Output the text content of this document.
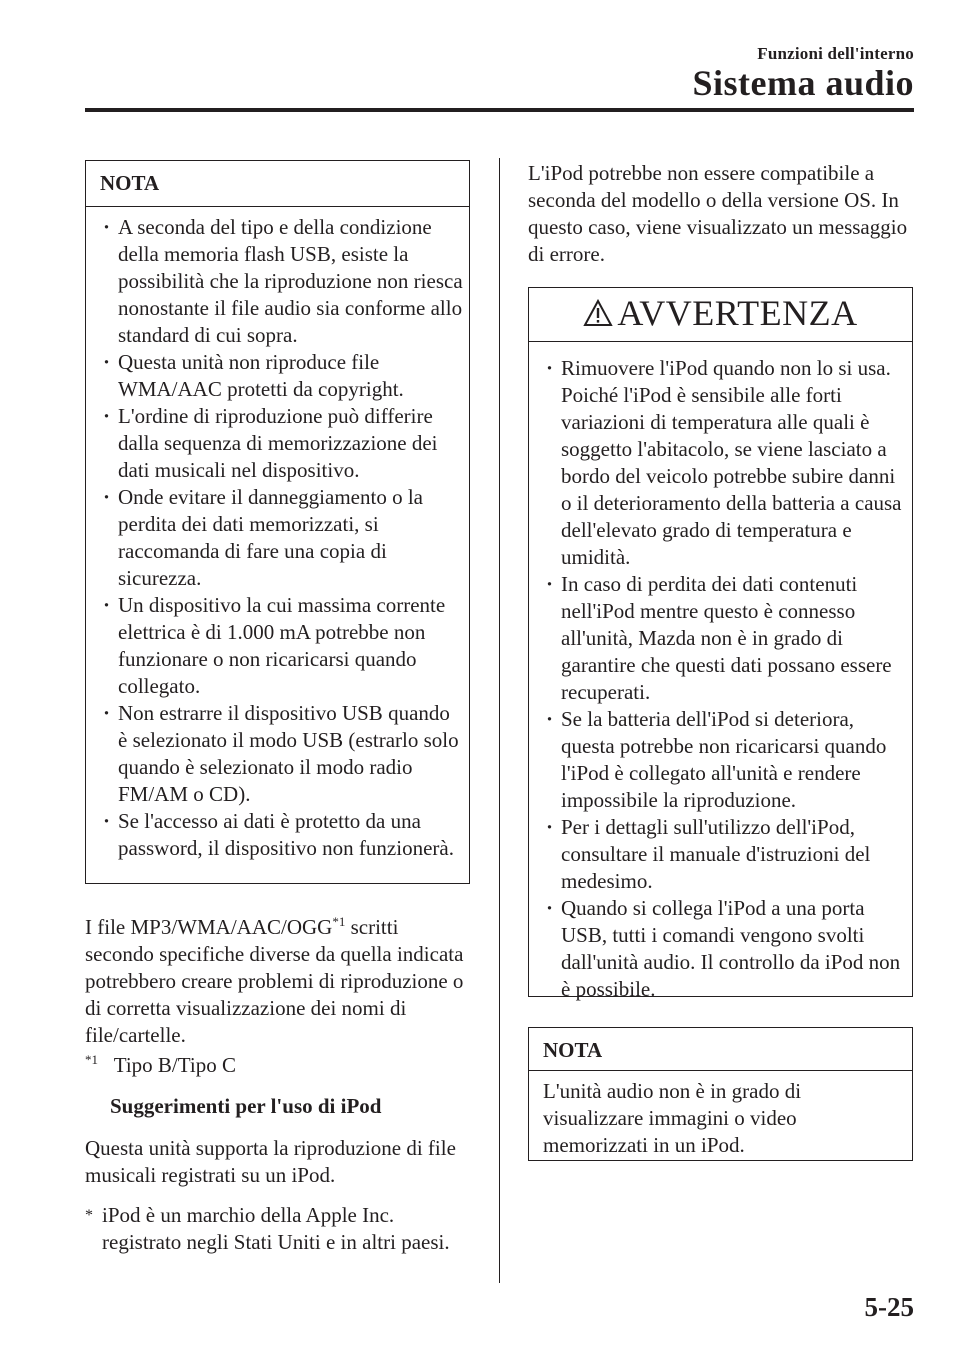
Funzioni dell'interno
Sistema audio
NOTA
· A seconda del tipo e della condizione della memoria flash USB, esiste la possibilità che la riproduzione non riesca nonostante il file audio sia conforme allo standard di cui sopra.
· Questa unità non riproduce file WMA/AAC protetti da copyright.
· L'ordine di riproduzione può differire dalla sequenza di memorizzazione dei dati musicali nel dispositivo.
· Onde evitare il danneggiamento o la perdita dei dati memorizzati, si raccomanda di fare una copia di sicurezza.
· Un dispositivo la cui massima corrente elettrica è di 1.000 mA potrebbe non funzionare o non ricaricarsi quando collegato.
· Non estrarre il dispositivo USB quando è selezionato il modo USB (estrarlo solo quando è selezionato il modo radio FM/AM o CD).
· Se l'accesso ai dati è protetto da una password, il dispositivo non funzionerà.

I file MP3/WMA/AAC/OGG$^{*1}$ scritti secondo specifiche diverse da quella indicata potrebbero creare problemi di riproduzione o di corretta visualizzazione dei nomi di file/cartelle.

$^{*1}$ Tipo B/Tipo C
Suggerimenti per l'uso di iPod

Questa unità supporta la riproduzione di file musicali registrati su un iPod.

* iPod è un marchio della Apple Inc. registrato negli Stati Uniti e in altri paesi.

L'iPod potrebbe non essere compatibile a seconda del modello o della versione OS. In questo caso, viene visualizzato un messaggio di errore.

AVVERTENZA
· Rimuovere l'iPod quando non lo si usa. Poiché l'iPod è sensibile alle forti variazioni di temperatura alle quali è soggetto l'abitacolo, se viene lasciato a bordo del veicolo potrebbe subire danni o il deterioramento della batteria a causa dell'elevato grado di temperatura e umidità.
· In caso di perdita dei dati contenuti nell'iPod mentre questo è connesso all'unità, Mazda non è in grado di garantire che questi dati possano essere recuperati.
· Se la batteria dell'iPod si deteriora, questa potrebbe non ricaricarsi quando l'iPod è collegato all'unità e rendere impossibile la riproduzione.
· Per i dettagli sull'utilizzo dell'iPod, consultare il manuale d'istruzioni del medesimo.
· Quando si collega l'iPod a una porta USB, tutti i comandi vengono svolti dall'unità audio. Il controllo da iPod non è possibile.
NOTA
L'unità audio non è in grado di visualizzare immagini o video memorizzati in un iPod.
5-25
